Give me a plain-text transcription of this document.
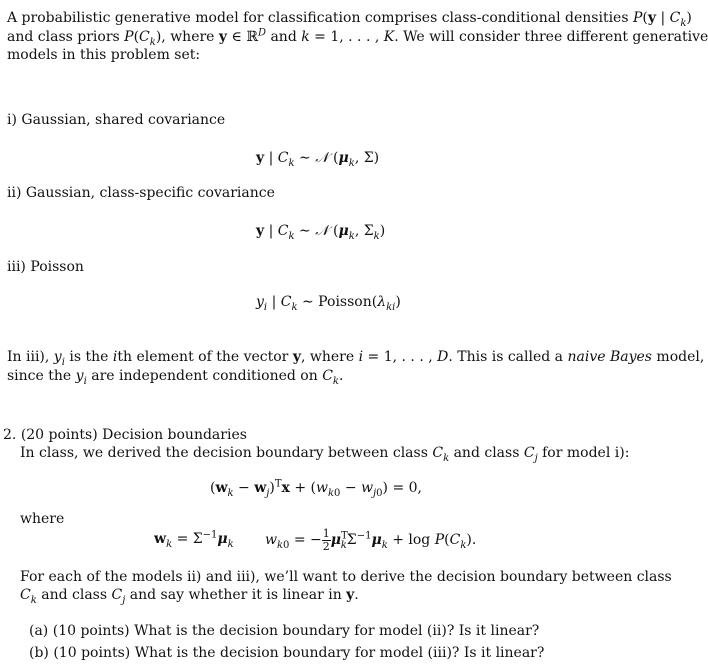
A probabilistic generative model for classification comprises class-conditional densities P(y | $C_k$)
and class priors $P(C_k)$, where y ∈ ℝ$^D$ and k = 1, . . . , K. We will consider three different generative
models in this problem set:
i) Gaussian, shared covariance
y | $C_k$ ∼ 𝒩 ($\mu_k$, Σ)
ii) Gaussian, class-specific covariance
y | $C_k$ ∼ 𝒩 ($\mu_k$, $\Sigma_k$)
iii) Poisson
$y_i$ | $C_k$ ∼ $Poisson(\lambda_{ki})$
In iii), $y_i$ is the ith element of the vector y, where i = 1, . . . , D. This is called a naive Bayes model,
since the $y_i$ are independent conditioned on $C_k$.
2. (20 points) Decision boundaries
In class, we derived the decision boundary between class $C_k$ and class $C_j$ for model i):
$(w_k - w_j)^Tx + (w_{k0} - w_{j0}) = 0$,
where
$w_k = \Sigma^{-1}\mu_k$ $w_{k0}$ = − $\frac{1}{2} \mu^T_k\Sigma^{-1}\mu_k + \log P(C_k)$.
For each of the models ii) and iii), we’ll want to derive the decision boundary between class
$C_k$ and class $C_j$ and say whether it is linear in y.
(a) (10 points) What is the decision boundary for model (ii)? Is it linear?
(b) (10 points) What is the decision boundary for model (iii)? Is it linear?
